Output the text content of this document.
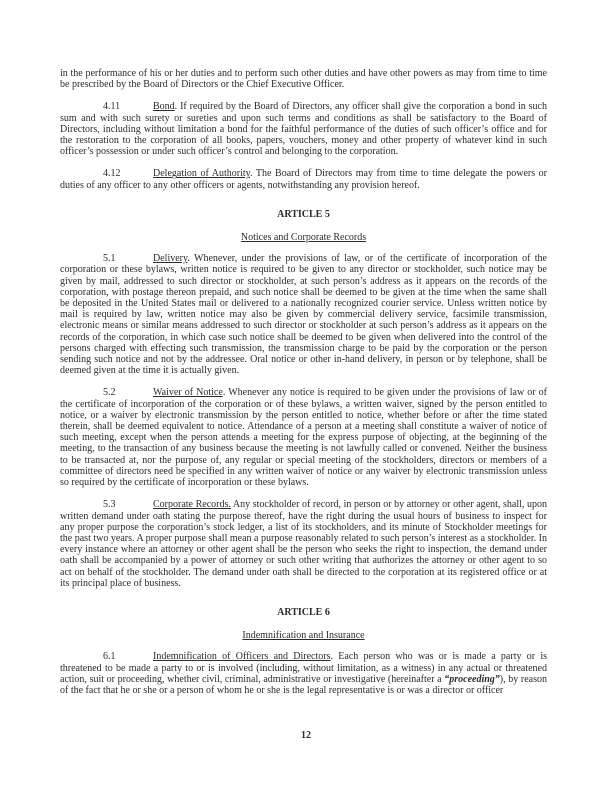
in the performance of his or her duties and to perform such other duties and have other powers as may from time to time be prescribed by the Board of Directors or the Chief Executive Officer.

4.11	Bond. If required by the Board of Directors, any officer shall give the corporation a bond in such sum and with such surety or sureties and upon such terms and conditions as shall be satisfactory to the Board of Directors, including without limitation a bond for the faithful performance of the duties of such officer’s office and for the restoration to the corporation of all books, papers, vouchers, money and other property of whatever kind in such officer’s possession or under such officer’s control and belonging to the corporation.

4.12	Delegation of Authority. The Board of Directors may from time to time delegate the powers or duties of any officer to any other officers or agents, notwithstanding any provision hereof.

ARTICLE 5
Notices and Corporate Records

5.1	Delivery. Whenever, under the provisions of law, or of the certificate of incorporation of the corporation or these bylaws, written notice is required to be given to any director or stockholder, such notice may be given by mail, addressed to such director or stockholder, at such person’s address as it appears on the records of the corporation, with postage thereon prepaid, and such notice shall be deemed to be given at the time when the same shall be deposited in the United States mail or delivered to a nationally recognized courier service. Unless written notice by mail is required by law, written notice may also be given by commercial delivery service, facsimile transmission, electronic means or similar means addressed to such director or stockholder at such person’s address as it appears on the records of the corporation, in which case such notice shall be deemed to be given when delivered into the control of the persons charged with effecting such transmission, the transmission charge to be paid by the corporation or the person sending such notice and not by the addressee. Oral notice or other in-hand delivery, in person or by telephone, shall be deemed given at the time it is actually given.

5.2	Waiver of Notice. Whenever any notice is required to be given under the provisions of law or of the certificate of incorporation of the corporation or of these bylaws, a written waiver, signed by the person entitled to notice, or a waiver by electronic transmission by the person entitled to notice, whether before or after the time stated therein, shall be deemed equivalent to notice. Attendance of a person at a meeting shall constitute a waiver of notice of such meeting, except when the person attends a meeting for the express purpose of objecting, at the beginning of the meeting, to the transaction of any business because the meeting is not lawfully called or convened. Neither the business to be transacted at, nor the purpose of, any regular or special meeting of the stockholders, directors or members of a committee of directors need be specified in any written waiver of notice or any waiver by electronic transmission unless so required by the certificate of incorporation or these bylaws.

5.3	Corporate Records. Any stockholder of record, in person or by attorney or other agent, shall, upon written demand under oath stating the purpose thereof, have the right during the usual hours of business to inspect for any proper purpose the corporation’s stock ledger, a list of its stockholders, and its minute of Stockholder meetings for the past two years. A proper purpose shall mean a purpose reasonably related to such person’s interest as a stockholder. In every instance where an attorney or other agent shall be the person who seeks the right to inspection, the demand under oath shall be accompanied by a power of attorney or such other writing that authorizes the attorney or other agent to so act on behalf of the stockholder. The demand under oath shall be directed to the corporation at its registered office or at its principal place of business.

ARTICLE 6
Indemnification and Insurance

6.1	Indemnification of Officers and Directors. Each person who was or is made a party or is threatened to be made a party to or is involved (including, without limitation, as a witness) in any actual or threatened action, suit or proceeding, whether civil, criminal, administrative or investigative (hereinafter a “proceeding”), by reason of the fact that he or she or a person of whom he or she is the legal representative is or was a director or officer

12
